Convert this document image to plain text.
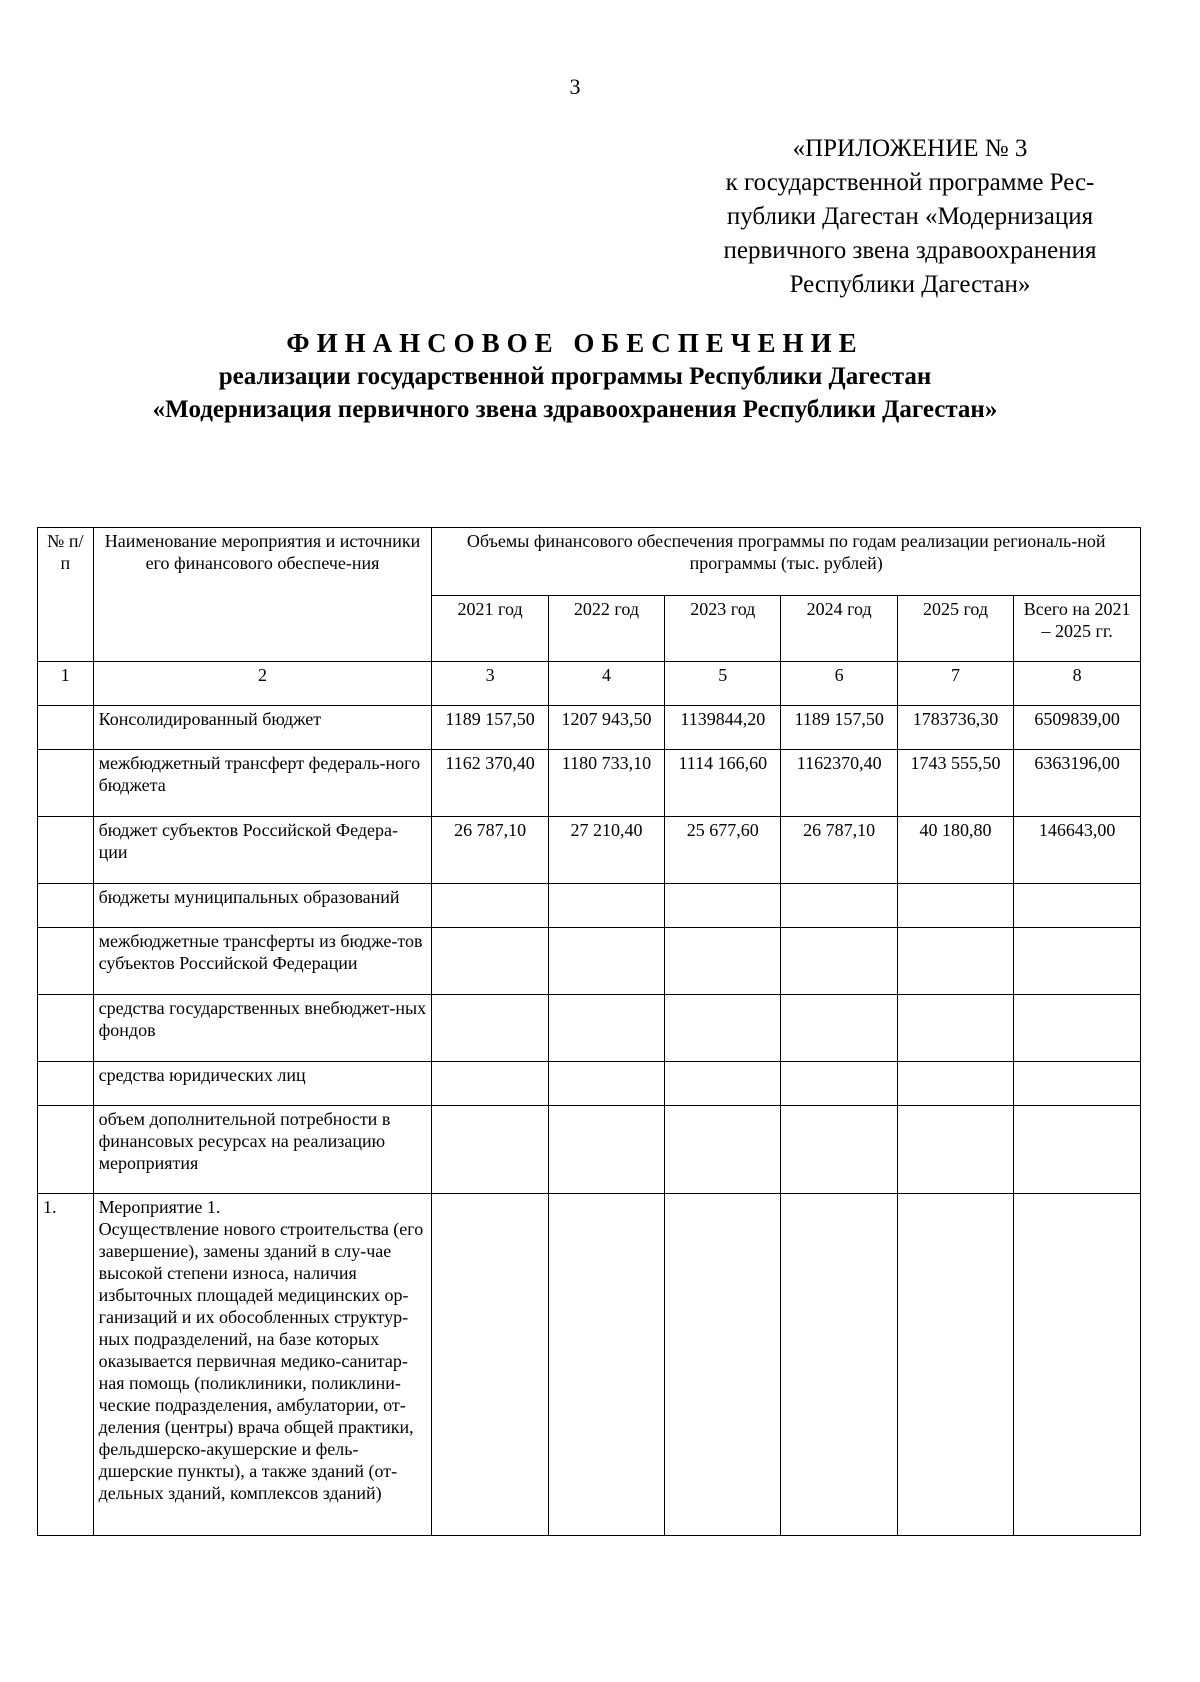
3
«ПРИЛОЖЕНИЕ № 3
к государственной программе Рес-
публики Дагестан «Модернизация
первичного звена здравоохранения
Республики Дагестан»
ФИНАНСОВОЕ ОБЕСПЕЧЕНИЕ
реализации государственной программы Республики Дагестан
«Модернизация первичного звена здравоохранения Республики Дагестан»
№ п/п	Наименование мероприятия и источники его финансового обеспече-ния	Объемы финансового обеспечения программы по годам реализации региональ-ной программы (тыс. рублей)					
		2021 год	2022 год	2023 год	2024 год	2025 год	Всего на 2021 – 2025 гг.
1	2	3	4	5	6	7	8

	Консолидированный бюджет	1189 157,50	1207 943,50	1139844,20	1189 157,50	1783736,30	6509839,00

	межбюджетный трансферт федераль-ного бюджета	1162 370,40	1180 733,10	1114 166,60	1162370,40	1743 555,50	6363196,00

	бюджет субъектов Российской Федера-ции	26 787,10	27 210,40	25 677,60	26 787,10	40 180,80	146643,00

	бюджеты муниципальных образований						

	межбюджетные трансферты из бюдже-тов субъектов Российской Федерации						

	средства государственных внебюджет-ных фондов						

	средства юридических лиц						

	объем дополнительной потребности в финансовых ресурсах на реализацию мероприятия						

1.	Мероприятие 1.
Осуществление нового строительства (его завершение), замены зданий в слу-чае высокой степени износа, наличия избыточных площадей медицинских ор-ганизаций и их обособленных структур-ных подразделений, на базе которых оказывается первичная медико-санитар-ная помощь (поликлиники, поликлини-ческие подразделения, амбулатории, от-деления (центры) врача общей практики, фельдшерско-акушерские и фель-дшерские пункты), а также зданий (от-дельных зданий, комплексов зданий)						
